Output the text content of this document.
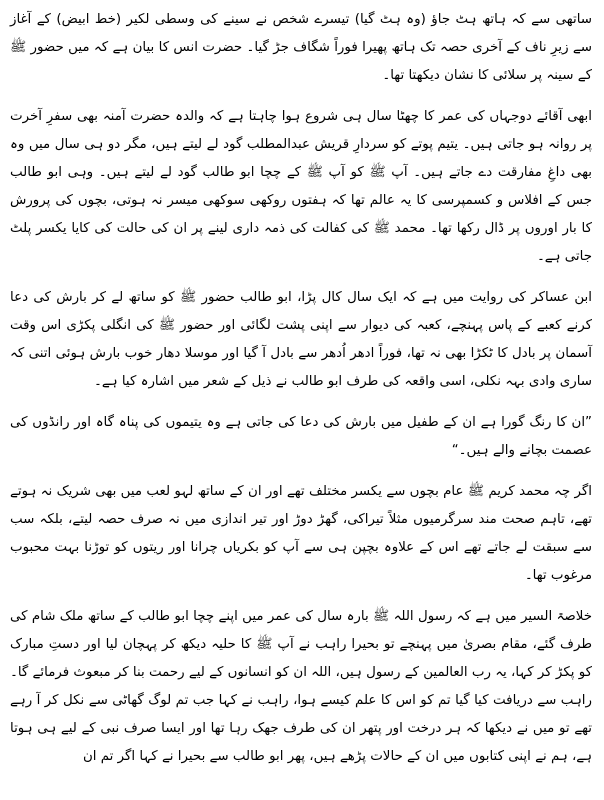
ساتھی سے کہ ہاتھ ہٹ جاؤ (وہ ہٹ گیا) تیسرے شخص نے سینے کی وسطی لکیر (خط ابیض) کے آغاز سے زیرِ ناف کے آخری حصہ تک ہاتھ پھیرا فوراً شگاف جڑ گیا۔ حضرت انس کا بیان ہے کہ میں حضور ﷺ کے سینہ پر سلائی کا نشان دیکھتا تھا۔

ابھی آقائے دوجہاں کی عمر کا چھٹا سال ہی شروع ہوا چاہتا ہے کہ والدہ حضرت آمنہ بھی سفرِ آخرت پر روانہ ہو جاتی ہیں۔ یتیم پوتے کو سردارِ قریش عبدالمطلب گود لے لیتے ہیں، مگر دو ہی سال میں وہ بھی داغِ مفارقت دے جاتے ہیں۔ آپ ﷺ کو آپ ﷺ کے چچا ابو طالب گود لے لیتے ہیں۔ وہی ابو طالب جس کے افلاس و کسمپرسی کا یہ عالم تھا کہ ہفتوں روکھی سوکھی میسر نہ ہوتی، بچوں کی پرورش کا بار اوروں پر ڈال رکھا تھا۔ محمد ﷺ کی کفالت کی ذمہ داری لینے پر ان کی حالت کی کایا یکسر پلٹ جاتی ہے۔

ابن عساکر کی روایت میں ہے کہ ایک سال کال پڑا، ابو طالب حضور ﷺ کو ساتھ لے کر بارش کی دعا کرنے کعبے کے پاس پہنچے، کعبہ کی دیوار سے اپنی پشت لگائی اور حضور ﷺ کی انگلی پکڑی اس وقت آسمان پر بادل کا ٹکڑا بھی نہ تھا، فوراً ادھر اُدھر سے بادل آ گیا اور موسلا دھار خوب بارش ہوئی اتنی کہ ساری وادی بہہ نکلی، اسی واقعہ کی طرف ابو طالب نے ذیل کے شعر میں اشارہ کیا ہے۔

”ان کا رنگ گورا ہے ان کے طفیل میں بارش کی دعا کی جاتی ہے وہ یتیموں کی پناہ گاہ اور رانڈوں کی عصمت بچانے والے ہیں۔“

اگر چہ محمد کریم ﷺ عام بچوں سے یکسر مختلف تھے اور ان کے ساتھ لہو لعب میں بھی شریک نہ ہوتے تھے، تاہم صحت مند سرگرمیوں مثلاً تیراکی، گھڑ دوڑ اور تیر اندازی میں نہ صرف حصہ لیتے، بلکہ سب سے سبقت لے جاتے تھے اس کے علاوہ بچپن ہی سے آپ کو بکریاں چرانا اور ریتوں کو توڑنا بہت محبوب مرغوب تھا۔

خلاصۃ السیر میں ہے کہ رسول اللہ ﷺ بارہ سال کی عمر میں اپنے چچا ابو طالب کے ساتھ ملک شام کی طرف گئے، مقام بصریٰ میں پہنچے تو بحیرا راہب نے آپ ﷺ کا حلیہ دیکھ کر پہچان لیا اور دستِ مبارک کو پکڑ کر کہا، یہ رب العالمین کے رسول ہیں، اللہ ان کو انسانوں کے لیے رحمت بنا کر مبعوث فرمائے گا۔ راہب سے دریافت کیا گیا تم کو اس کا علم کیسے ہوا، راہب نے کہا جب تم لوگ گھاٹی سے نکل کر آ رہے تھے تو میں نے دیکھا کہ ہر درخت اور پتھر ان کی طرف جھک رہا تھا اور ایسا صرف نبی کے لیے ہی ہوتا ہے، ہم نے اپنی کتابوں میں ان کے حالات پڑھے ہیں، پھر ابو طالب سے بحیرا نے کہا اگر تم ان
